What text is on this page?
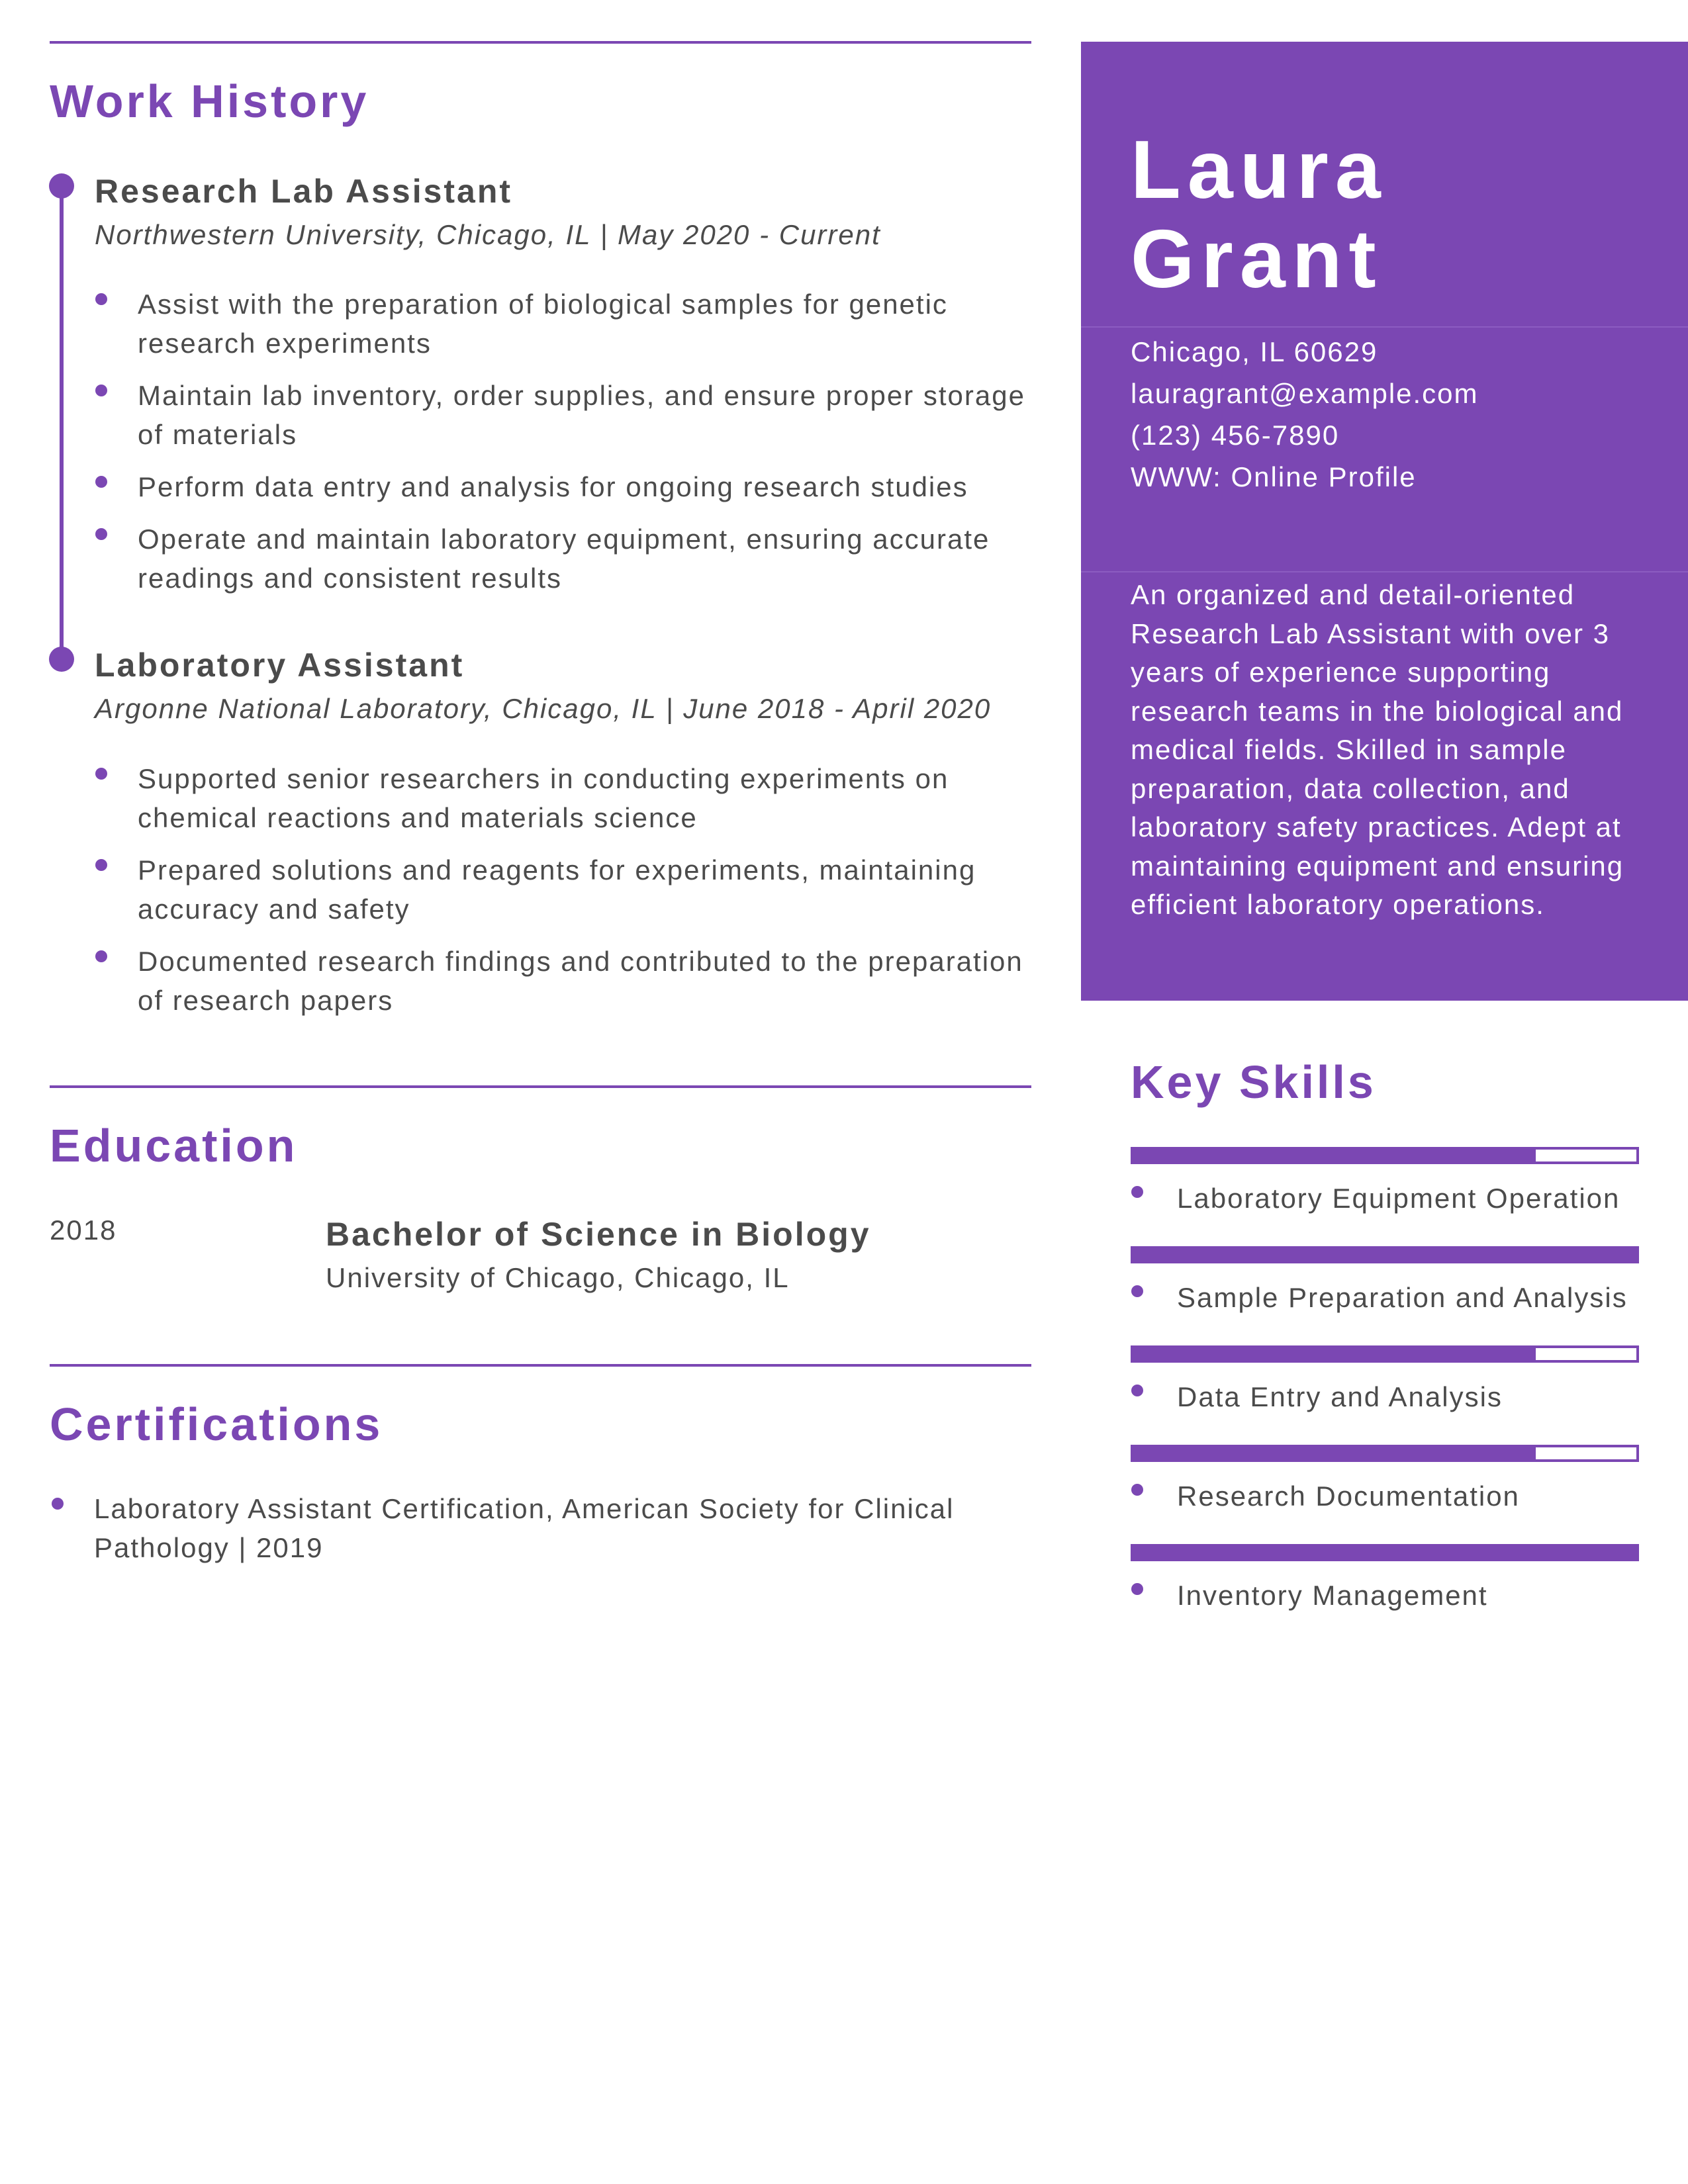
Work History
Research Lab Assistant
Northwestern University, Chicago, IL | May 2020 - Current
Assist with the preparation of biological samples for genetic research experiments
Maintain lab inventory, order supplies, and ensure proper storage of materials
Perform data entry and analysis for ongoing research studies
Operate and maintain laboratory equipment, ensuring accurate readings and consistent results
Laboratory Assistant
Argonne National Laboratory, Chicago, IL | June 2018 - April 2020
Supported senior researchers in conducting experiments on chemical reactions and materials science
Prepared solutions and reagents for experiments, maintaining accuracy and safety
Documented research findings and contributed to the preparation of research papers
Education
2018	Bachelor of Science in Biology
University of Chicago, Chicago, IL
Certifications
Laboratory Assistant Certification, American Society for Clinical Pathology | 2019
Laura
Grant
Chicago, IL 60629
lauragrant@example.com
(123) 456-7890
WWW: Online Profile

An organized and detail-oriented Research Lab Assistant with over 3 years of experience supporting research teams in the biological and medical fields. Skilled in sample preparation, data collection, and laboratory safety practices. Adept at maintaining equipment and ensuring efficient laboratory operations.

Key Skills
Laboratory Equipment Operation
Sample Preparation and Analysis
Data Entry and Analysis
Research Documentation
Inventory Management
